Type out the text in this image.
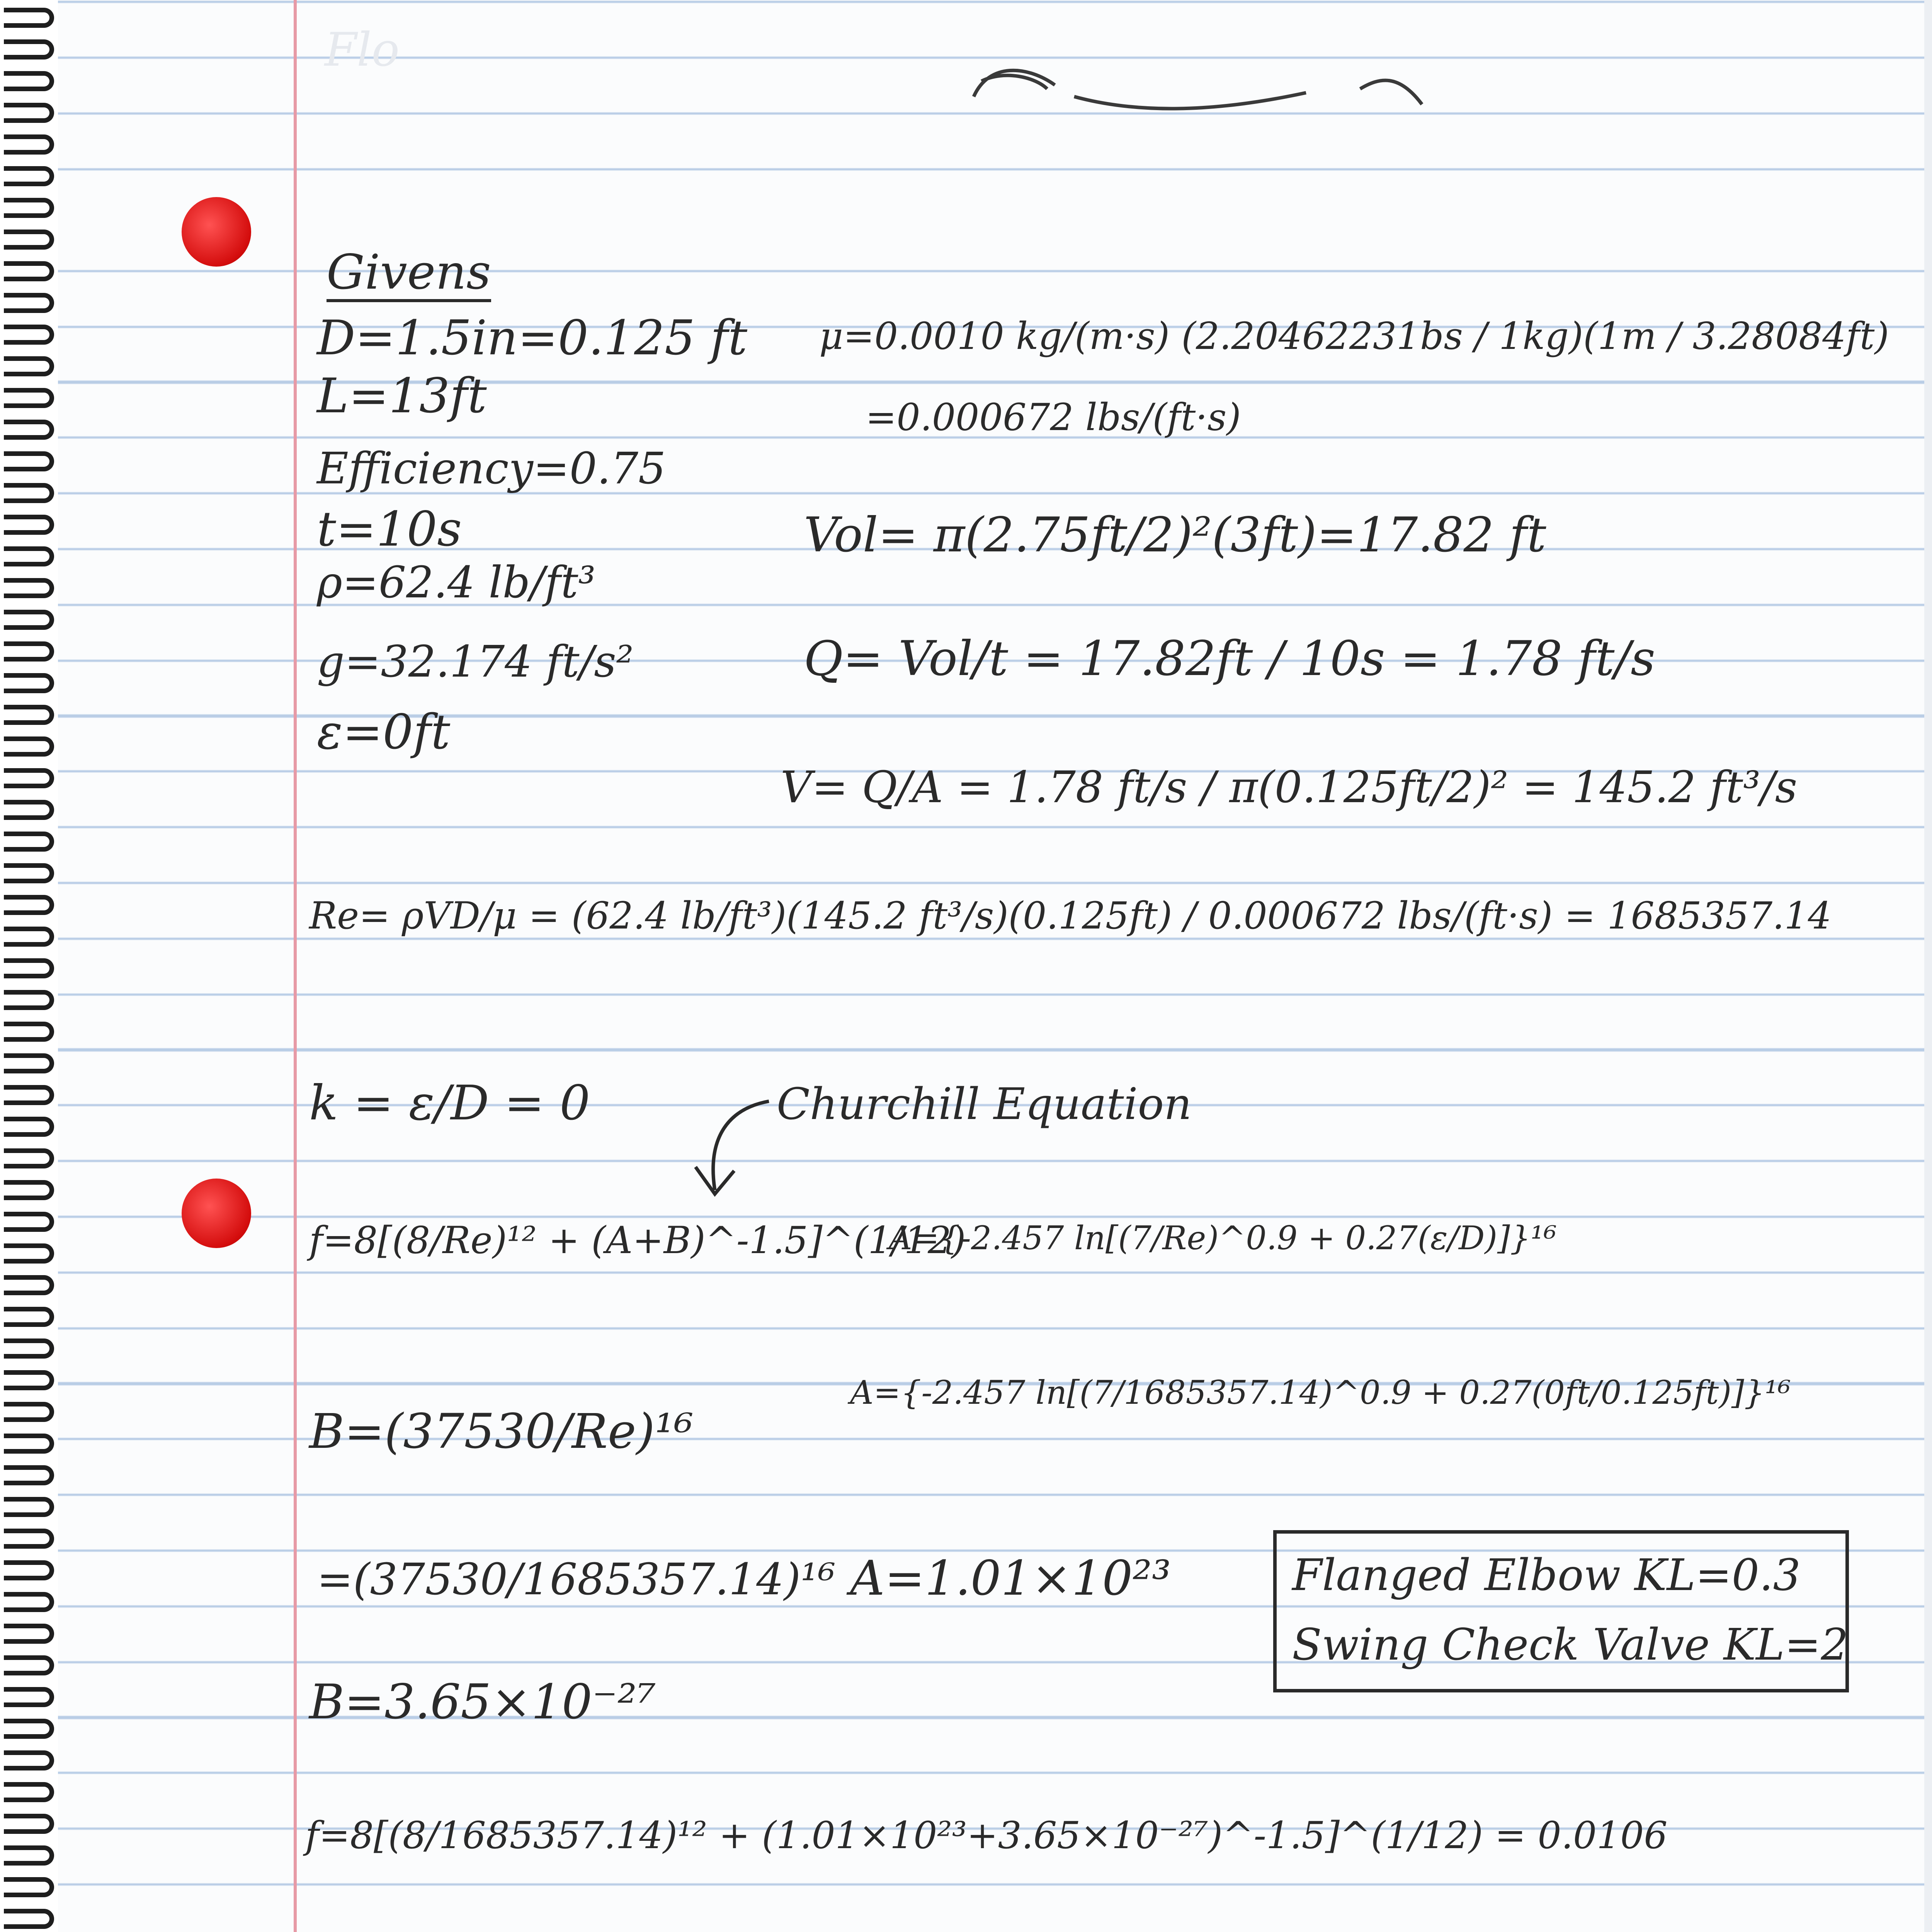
Flo
Givens
D=1.5in=0.125 ft
L=13ft
Efficiency=0.75
t=10s
ρ=62.4 lb/ft³
g=32.174 ft/s²
ε=0ft
μ=0.0010 kg/(m·s) (2.20462231bs / 1kg)(1m / 3.28084ft)
=0.000672 lbs/(ft·s)
Vol= π(2.75ft/2)²(3ft)=17.82 ft
Q= Vol/t = 17.82ft / 10s = 1.78 ft/s
V= Q/A = 1.78 ft/s / π(0.125ft/2)² = 145.2 ft³/s
Re= ρVD/μ = (62.4 lb/ft³)(145.2 ft³/s)(0.125ft) / 0.000672 lbs/(ft·s) = 1685357.14
k = ε/D = 0	Churchill Equation
f=8[(8/Re)¹² + (A+B)^-1.5]^(1/12)
A={-2.457 ln[(7/Re)^0.9 + 0.27(ε/D)]}¹⁶
A={-2.457 ln[(7/1685357.14)^0.9 + 0.27(0ft/0.125ft)]}¹⁶
B=(37530/Re)¹⁶
=(37530/1685357.14)¹⁶
B=3.65×10⁻²⁷
A=1.01×10²³	Flanged Elbow KL=0.3
Swing Check Valve KL=2
f=8[(8/1685357.14)¹² + (1.01×10²³+3.65×10⁻²⁷)^-1.5]^(1/12) = 0.0106
